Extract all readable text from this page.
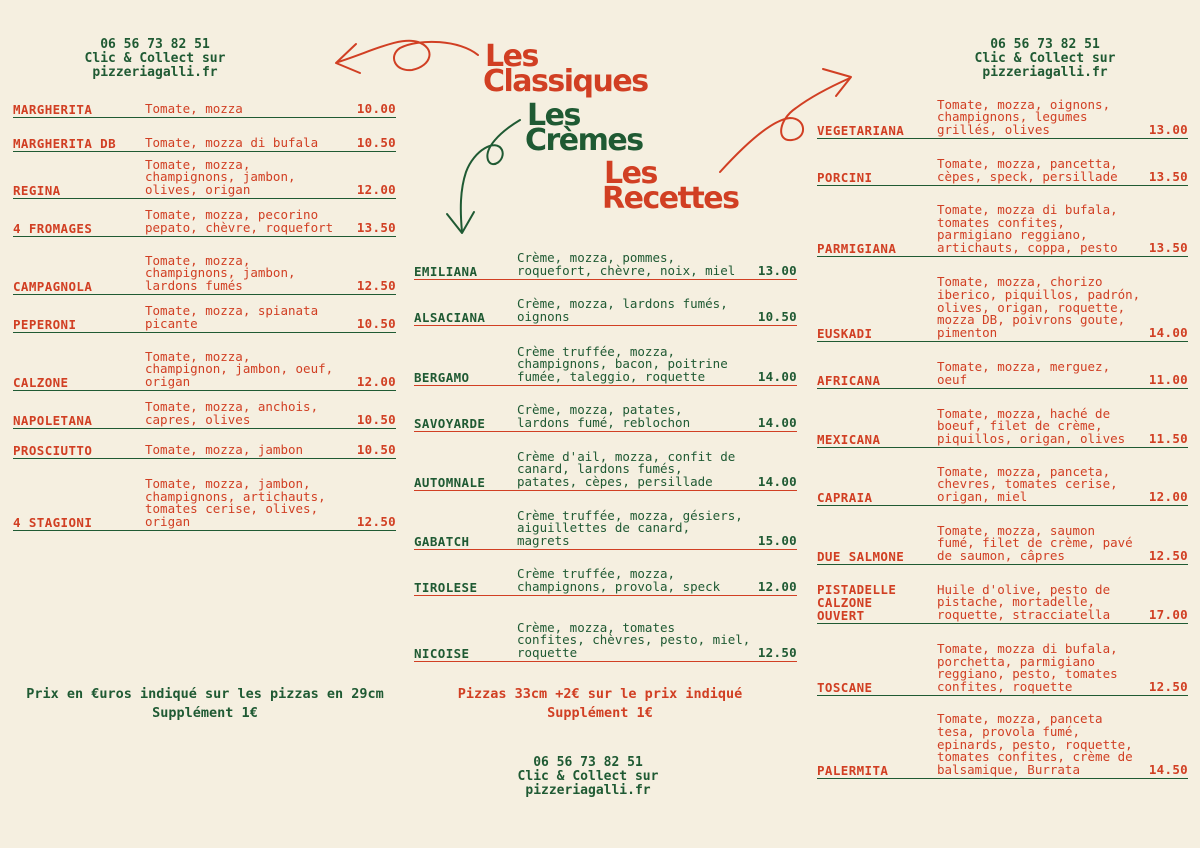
06 56 73 82 51
Clic & Collect sur
pizzeriagalli.fr
06 56 73 82 51
Clic & Collect sur
pizzeriagalli.fr
06 56 73 82 51
Clic & Collect sur
pizzeriagalli.fr
Les
Classiques
Les
Crèmes
Les
Recettes
MARGHERITA	Tomate, mozza	10.00
MARGHERITA DB Tomate, mozza di bufala	10.50
REGINA
Tomate, mozza,
champignons, jambon,
olives, origan	12.00
4 FROMAGES
Tomate, mozza, pecorino
pepato, chèvre, roquefort 13.50
CAMPAGNOLA
Tomate, mozza,
champignons, jambon,
lardons fumés	12.50
PEPERONI
Tomate, mozza, spianata
picante	10.50
CALZONE
Tomate, mozza,
champignon, jambon, oeuf,
origan	12.00
NAPOLETANA
Tomate, mozza, anchois,
capres, olives	10.50
PROSCIUTTO	Tomate, mozza, jambon	10.50
4 STAGIONI
Tomate, mozza, jambon,
champignons, artichauts,
tomates cerise, olives,
origan	12.50
EMILIANA
Crème, mozza, pommes,
roquefort, chèvre, noix, miel 13.00
ALSACIANA
Crème, mozza, lardons fumés,
oignons	10.50
BERGAMO
Crème truffée, mozza,
champignons, bacon, poitrine
fumée, taleggio, roquette	14.00
SAVOYARDE
Crème, mozza, patates,
lardons fumé, reblochon	14.00
AUTOMNALE
Crème d'ail, mozza, confit de
canard, lardons fumés,
patates, cèpes, persillade	14.00
GABATCH
Crème truffée, mozza, gésiers,
aiguillettes de canard,
magrets	15.00
TIROLESE
Crème truffée, mozza,
champignons, provola, speck	12.00
NICOISE
Crème, mozza, tomates
confites, chèvres, pesto, miel,
roquette	12.50
VEGETARIANA
Tomate, mozza, oignons,
champignons, legumes
grillés, olives	13.00
PORCINI
Tomate, mozza, pancetta,
cèpes, speck, persillade 13.50
PARMIGIANA
Tomate, mozza di bufala,
tomates confites,
parmigiano reggiano,
artichauts, coppa, pesto 13.50
EUSKADI
Tomate, mozza, chorizo
iberico, piquillos, padrón,
olives, origan, roquette,
mozza DB, poivrons goute,
pimenton	14.00
AFRICANA
Tomate, mozza, merguez,
oeuf	11.00
MEXICANA
Tomate, mozza, haché de
boeuf, filet de crème,
piquillos, origan, olives 11.50
CAPRAIA
Tomate, mozza, panceta,
chevres, tomates cerise,
origan, miel	12.00
DUE SALMONE
Tomate, mozza, saumon
fumé, filet de crème, pavé
de saumon, câpres	12.50
PISTADELLE
CALZONE
OUVERT
Huile d'olive, pesto de
pistache, mortadelle,
roquette, stracciatella	17.00
TOSCANE
Tomate, mozza di bufala,
porchetta, parmigiano
reggiano, pesto, tomates
confites, roquette	12.50
PALERMITA
Tomate, mozza, panceta
tesa, provola fumé,
epinards, pesto, roquette,
tomates confites, crème de
balsamique, Burrata	14.50
Prix en €uros indiqué sur les pizzas en 29cm
Supplément 1€
Pizzas 33cm +2€ sur le prix indiqué
Supplément 1€
